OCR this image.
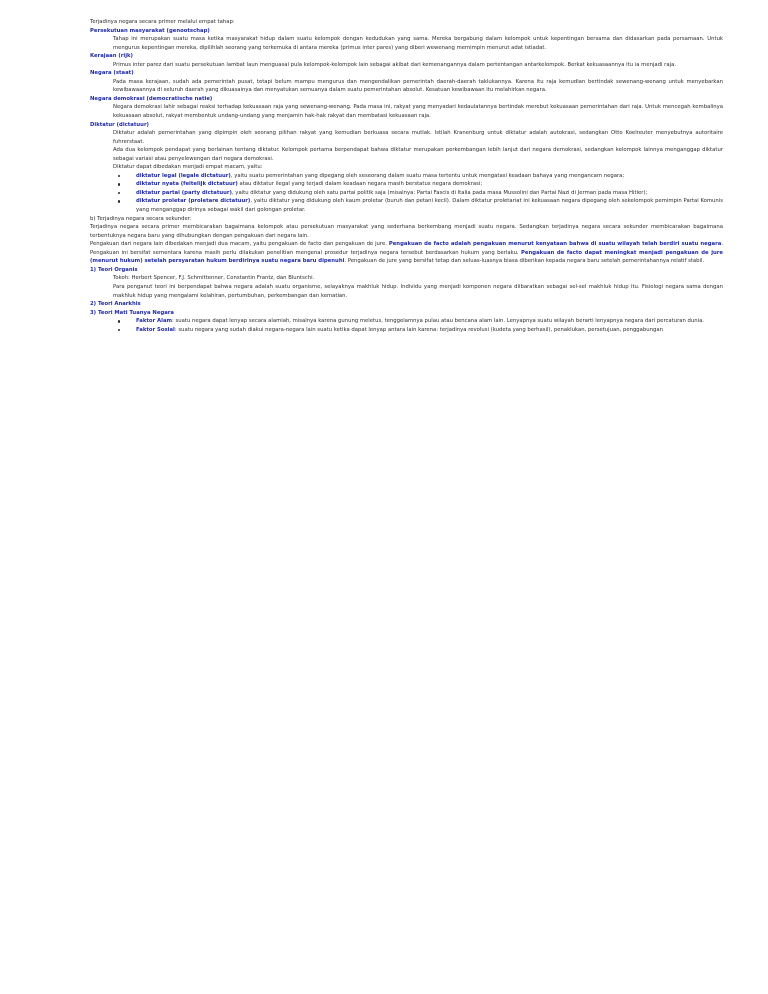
Terjadinya negara secara primer melalui empat tahap:

Persekutuan masyarakat (genootschap)

Tahap ini merupakan suatu masa ketika masyarakat hidup dalam suatu kelompok dengan kedudukan yang sama. Mereka bergabung dalam kelompok untuk kepentingan bersama dan didasarkan pada persamaan. Untuk mengurus kepentingan mereka, dipilihlah seorang yang terkemuka di antara mereka (primus inter pares) yang diberi wewenang memimpin menurut adat istiadat.

Kerajaan (rijk)

Primus inter parez dari suatu persekutuan lambat laun menguasai pula kelompok-kelompok lain sebagai akibat dari kemenangannya dalam pertentangan antarkelompok. Berkat kekuasaannya itu ia menjadi raja.

Negara (staat)

Pada masa kerajaan, sudah ada pemerintah pusat, tetapi belum mampu mengurus dan mengendalikan pemerintah daerah-daerah taklukannya. Karena itu raja kemudian bertindak sewenang-wenang untuk menyebarkan kewibawaannya di seluruh daerah yang dikuasainya dan menyatukan semuanya dalam suatu pemerintahan absolut. Kesatuan kewibawaan itu melahirkan negara.

Negara demokrasi (democratische natie)

Negara demokrasi lahir sebagai reaksi terhadap kekuasaan raja yang sewenang-wenang. Pada masa ini, rakyat yang menyadari kedaulatannya bertindak merebut kekuasaan pemerintahan dari raja. Untuk mencegah kembalinya kekuasaan absolut, rakyat membentuk undang-undang yang menjamin hak-hak rakyat dan membatasi kekuasaan raja.

Diktatur (dictatuur)

Diktatur adalah pemerintahan yang dipimpin oleh seorang pilihan rakyat yang kemudian berkuasa secara mutlak. Istilah Kranenburg untuk diktatur adalah autokrasi, sedangkan Otto Koelreuter menyebutnya autoritaire fuhrerstaat.

Ada dua kelompok pendapat yang berlainan tentang diktatur. Kelompok pertama berpendapat bahwa diktatur merupakan perkembangan lebih lanjut dari negara demokrasi, sedangkan kelompok lainnya menganggap diktatur sebagai variasi atau penyelewengan dari negara demokrasi.

Diktatur dapat dibedakan menjadi empat macam, yaitu:

diktatur legal (legale dictatuur), yaitu suatu pemerintahan yang dipegang oleh seseorang dalam suatu masa tertentu untuk mengatasi keadaan bahaya yang mengancam negara;
diktatur nyata (feitelijk dictatuur) atau diktatur ilegal yang terjadi dalam keadaan negara masih berstatus negara demokrasi;
diktatur partai (party dictatuur), yaitu diktatur yang didukung oleh satu partai politik saja (misalnya: Partai Fascis di Italia pada masa Mussolini dan Partai Nazi di Jerman pada masa Hitler);
diktatur proletar (proletare dictatuur), yaitu diktatur yang didukung oleh kaum proletar (buruh dan petani kecil). Dalam diktatur proletariat ini kekuasaan negara dipegang oleh sekelompok pemimpin Partai Komunis yang menganggap dirinya sebagai wakil dari golongan proletar.

b) Terjadinya negara secara sekunder:

Terjadinya negara secara primer membicarakan bagaimana kelompok atau persekutuan masyarakat yang sederhana berkembang menjadi suatu negara. Sedangkan terjadinya negara secara sekunder membicarakan bagaimana terbentuknya negara baru yang dihubungkan dengan pengakuan dari negara lain.

Pengakuan dari negara lain dibedakan menjadi dua macam, yaitu pengakuan de facto dan pengakuan de jure. Pengakuan de facto adalah pengakuan menurut kenyataan bahwa di suatu wilayah telah berdiri suatu negara. Pengakuan ini bersifat sementara karena masih perlu dilakukan penelitian mengenai prosedur terjadinya negara tersebut berdasarkan hukum yang berlaku. Pengakuan de facto dapat meningkat menjadi pengakuan de jure (menurut hukum) setelah persyaratan hukum berdirinya suatu negara baru dipenuhi. Pengakuan de jure yang bersifat tetap dan seluas-luasnya biasa diberikan kepada negara baru setelah pemerintahannya relatif stabil.

1) Teori Organis

Tokoh: Herbert Spencer, F.J. Schmittenner, Constantin Frantz, dan Bluntschi.

Para penganut teori ini berpendapat bahwa negara adalah suatu organisme, selayaknya makhluk hidup. Individu yang menjadi komponen negara diibaratkan sebagai sel-sel makhluk hidup itu. Fisiologi negara sama dengan makhluk hidup yang mengalami kelahiran, pertumbuhan, perkembangan dan kematian.

2) Teori Anarkhis

3) Teori Mati Tuanya Negara

Faktor Alam: suatu negara dapat lenyap secara alamiah, misalnya karena gunung meletus, tenggelamnya pulau atau bencana alam lain. Lenyapnya suatu wilayah berarti lenyapnya negara dari percaturan dunia.
Faktor Sosial: suatu negara yang sudah diakui negara-negara lain suatu ketika dapat lenyap antara lain karena: terjadinya revolusi (kudeta yang berhasil), penaklukan, persetujuan, penggabungan
